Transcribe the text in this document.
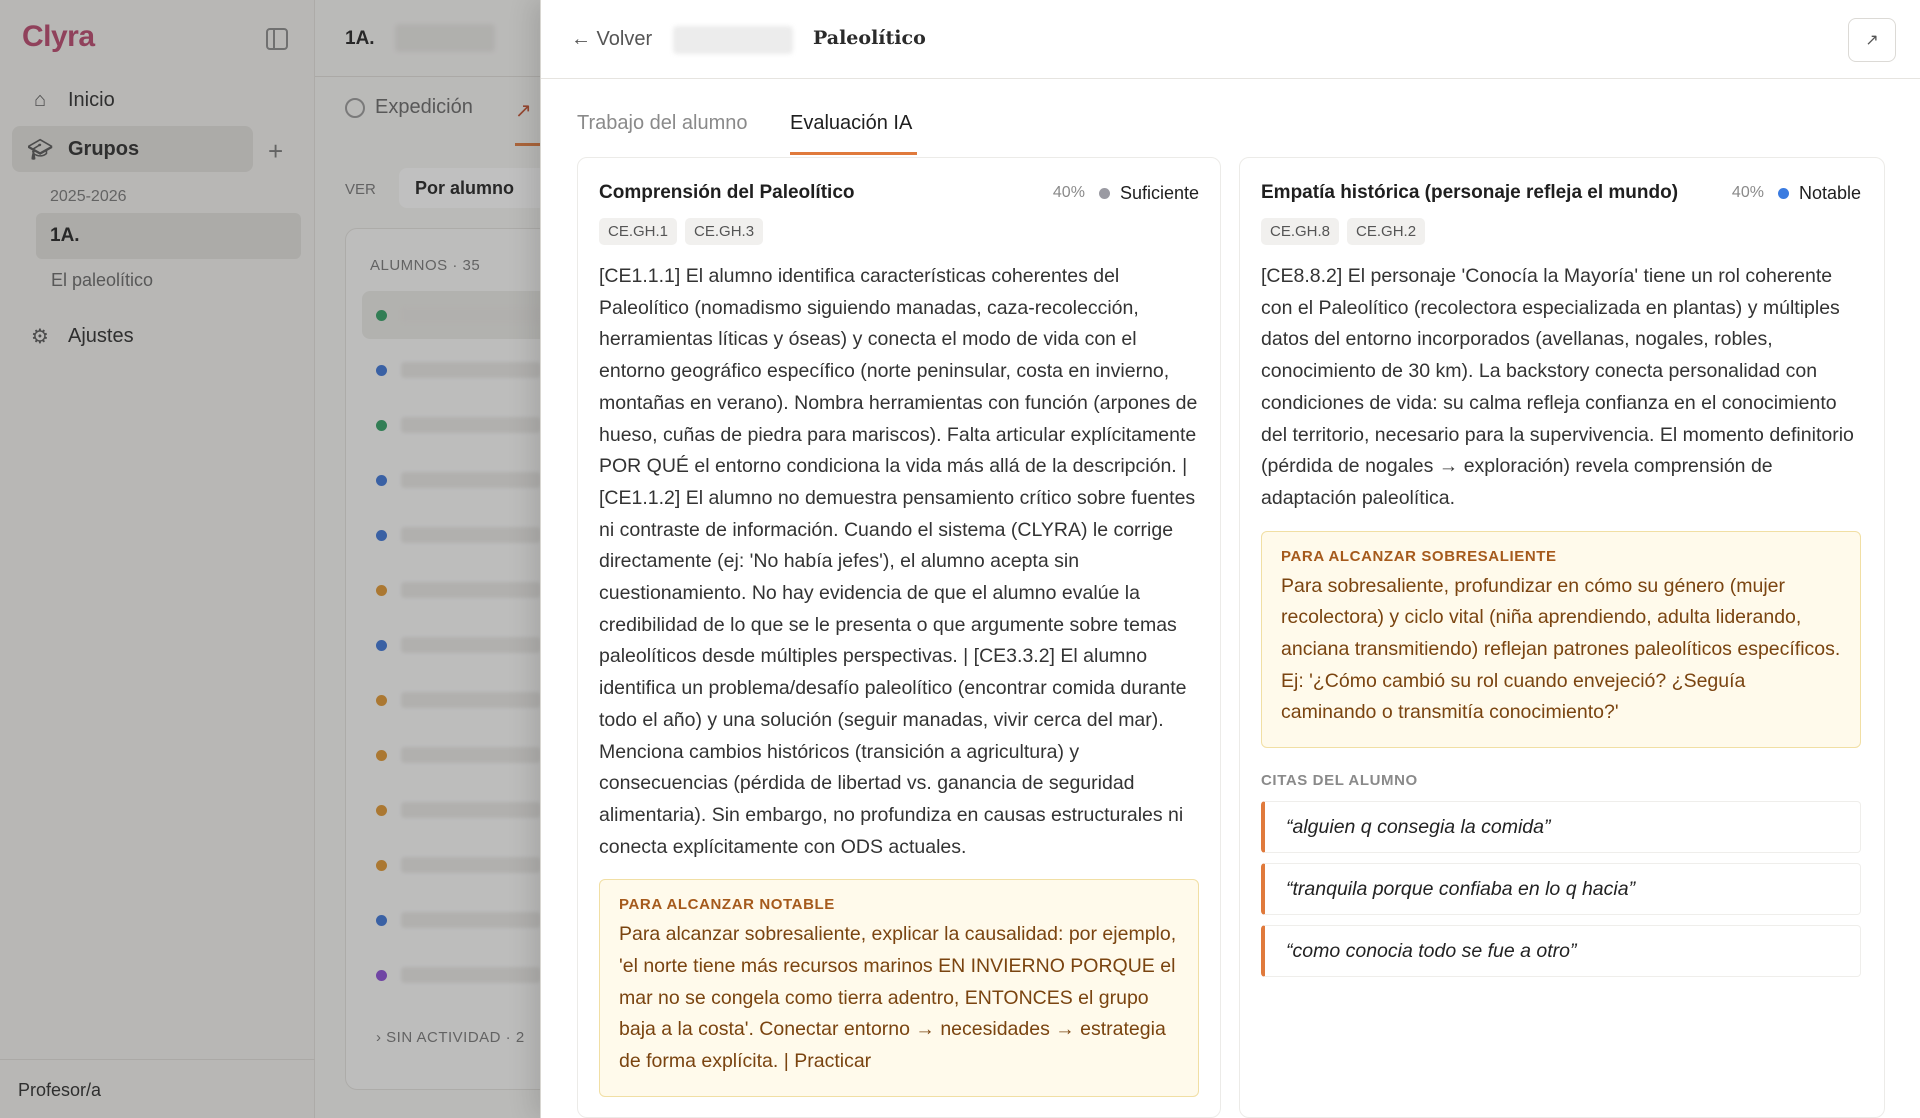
Clyra
⌂ Inicio
🎓︎ Grupos	+
2025-2026
1A.
El paleolítico
⚙ Ajustes
Profesor/a
1A.
Expedición ↗
VER	Por alumno
ALUMNOS · 35
› SIN ACTIVIDAD · 2
← Volver	Paleolítico	↗
Trabajo del alumno Evaluación IA
Comprensión del Paleolítico	40% Suficiente
CE.GH.1	CE.GH.3
[CE1.1.1] El alumno identifica características coherentes del Paleolítico (nomadismo siguiendo manadas, caza-recolección, herramientas líticas y óseas) y conecta el modo de vida con el entorno geográfico específico (norte peninsular, costa en invierno, montañas en verano). Nombra herramientas con función (arpones de hueso, cuñas de piedra para mariscos). Falta articular explícitamente POR QUÉ el entorno condiciona la vida más allá de la descripción. | [CE1.1.2] El alumno no demuestra pensamiento crítico sobre fuentes ni contraste de información. Cuando el sistema (CLYRA) le corrige directamente (ej: 'No había jefes'), el alumno acepta sin cuestionamiento. No hay evidencia de que el alumno evalúe la credibilidad de lo que se le presenta o que argumente sobre temas paleolíticos desde múltiples perspectivas. | [CE3.3.2] El alumno identifica un problema/desafío paleolítico (encontrar comida durante todo el año) y una solución (seguir manadas, vivir cerca del mar). Menciona cambios históricos (transición a agricultura) y consecuencias (pérdida de libertad vs. ganancia de seguridad alimentaria). Sin embargo, no profundiza en causas estructurales ni conecta explícitamente con ODS actuales.
PARA ALCANZAR NOTABLE
Para alcanzar sobresaliente, explicar la causalidad: por ejemplo, 'el norte tiene más recursos marinos EN INVIERNO PORQUE el mar no se congela como tierra adentro, ENTONCES el grupo baja a la costa'. Conectar entorno → necesidades → estrategia de forma explícita. | Practicar
Empatía histórica (personaje refleja el mundo)	40% Notable
CE.GH.8	CE.GH.2
[CE8.8.2] El personaje 'Conocía la Mayoría' tiene un rol coherente con el Paleolítico (recolectora especializada en plantas) y múltiples datos del entorno incorporados (avellanas, nogales, robles, conocimiento de 30 km). La backstory conecta personalidad con condiciones de vida: su calma refleja confianza en el conocimiento del territorio, necesario para la supervivencia. El momento definitorio (pérdida de nogales → exploración) revela comprensión de adaptación paleolítica.
PARA ALCANZAR SOBRESALIENTE
Para sobresaliente, profundizar en cómo su género (mujer recolectora) y ciclo vital (niña aprendiendo, adulta liderando, anciana transmitiendo) reflejan patrones paleolíticos específicos. Ej: '¿Cómo cambió su rol cuando envejeció? ¿Seguía caminando o transmitía conocimiento?'
CITAS DEL ALUMNO
“alguien q consegia la comida”
“tranquila porque confiaba en lo q hacia”
“como conocia todo se fue a otro”
